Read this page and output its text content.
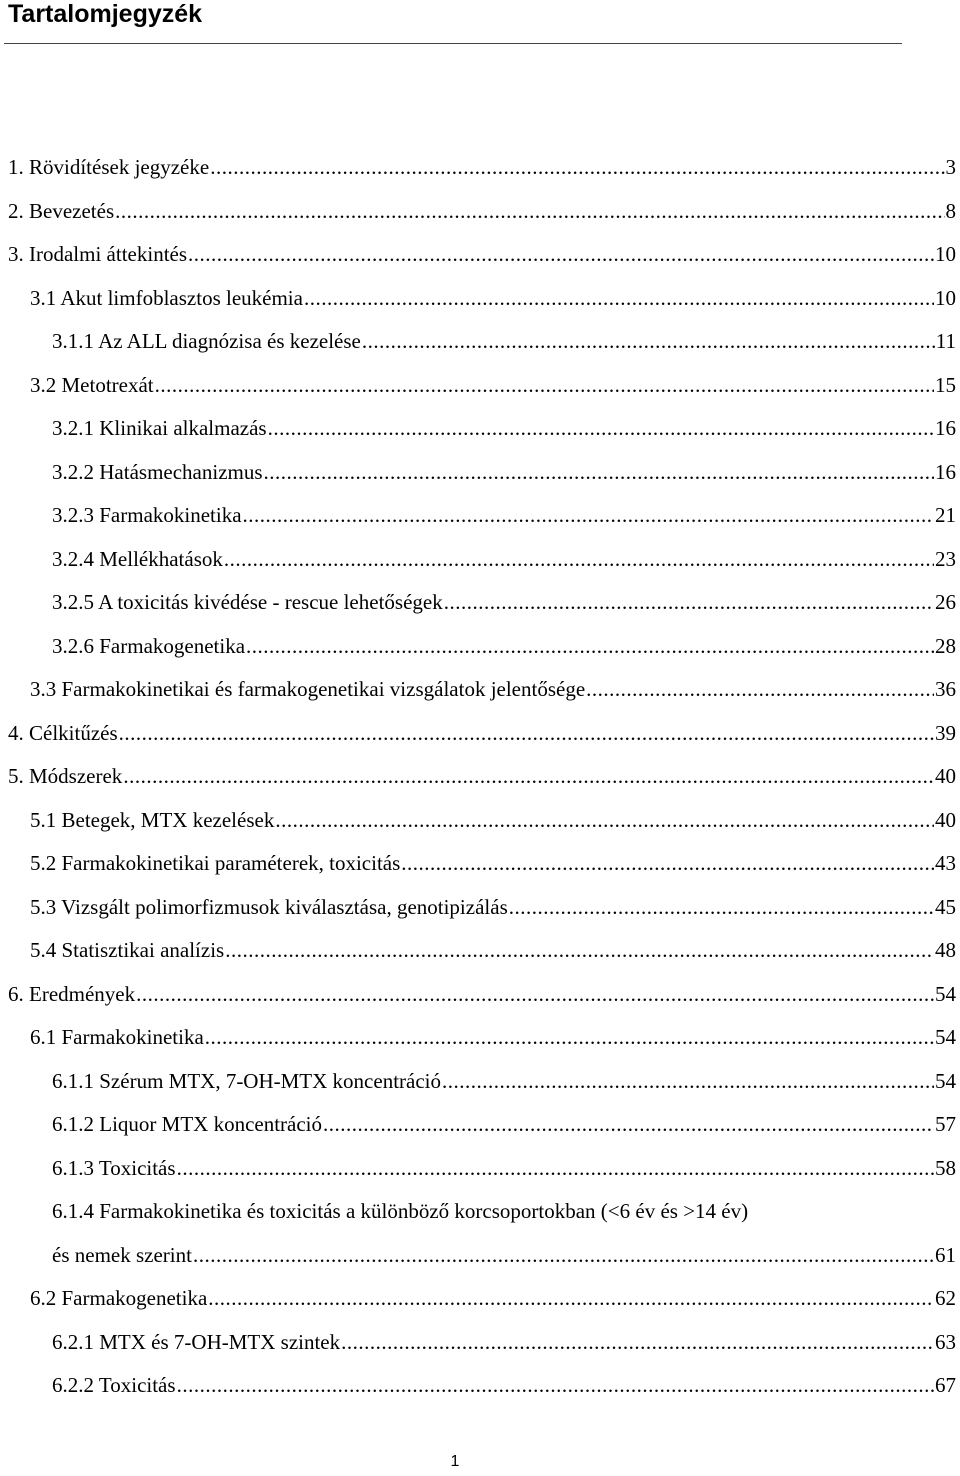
Tartalomjegyzék
1. Rövidítések jegyzéke .....	3
2. Bevezetés .....	8
3. Irodalmi áttekintés .....	10
3.1 Akut limfoblasztos leukémia .....	10
3.1.1 Az ALL diagnózisa és kezelése .....	11
3.2 Metotrexát .....	15
3.2.1 Klinikai alkalmazás .....	16
3.2.2 Hatásmechanizmus .....	16
3.2.3 Farmakokinetika .....	21
3.2.4 Mellékhatások .....	23
3.2.5 A toxicitás kivédése - rescue lehetőségek .....	26
3.2.6 Farmakogenetika .....	28
3.3 Farmakokinetikai és farmakogenetikai vizsgálatok jelentősége .....	36
4. Célkitűzés .....	39
5. Módszerek .....	40
5.1 Betegek, MTX kezelések .....	40
5.2 Farmakokinetikai paraméterek, toxicitás .....	43
5.3 Vizsgált polimorfizmusok kiválasztása, genotipizálás .....	45
5.4 Statisztikai analízis .....	48
6. Eredmények .....	54
6.1 Farmakokinetika .....	54
6.1.1 Szérum MTX, 7-OH-MTX koncentráció .....	54
6.1.2 Liquor MTX koncentráció .....	57
6.1.3 Toxicitás .....	58
6.1.4 Farmakokinetika és toxicitás a különböző korcsoportokban (<6 év és >14 év)
és nemek szerint .....	61
6.2 Farmakogenetika .....	62
6.2.1 MTX és 7-OH-MTX szintek .....	63
6.2.2 Toxicitás .....	67
1
